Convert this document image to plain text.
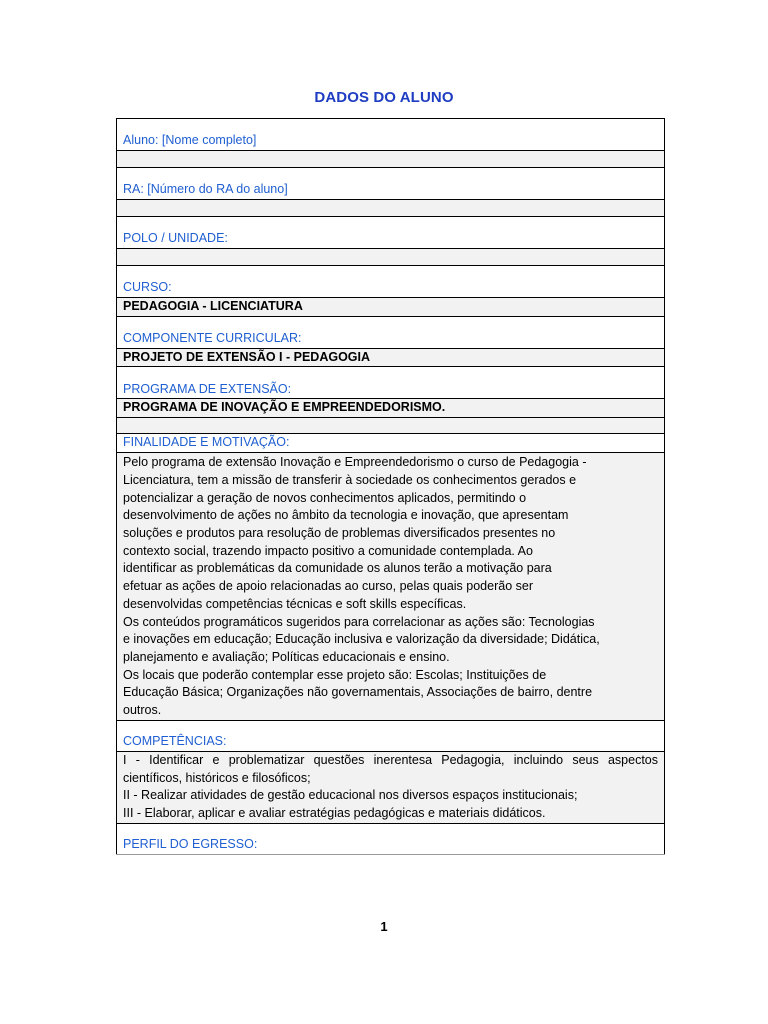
DADOS DO ALUNO
Aluno: [Nome completo]

RA: [Número do RA do aluno]

POLO / UNIDADE:

CURSO:
PEDAGOGIA - LICENCIATURA
COMPONENTE CURRICULAR:
PROJETO DE EXTENSÃO I - PEDAGOGIA
PROGRAMA DE EXTENSÃO:
PROGRAMA DE INOVAÇÃO E EMPREENDEDORISMO.

FINALIDADE E MOTIVAÇÃO:

Pelo programa de extensão Inovação e Empreendedorismo o curso de Pedagogia -
Licenciatura, tem a missão de transferir à sociedade os conhecimentos gerados e
potencializar a geração de novos conhecimentos aplicados, permitindo o
desenvolvimento de ações no âmbito da tecnologia e inovação, que apresentam
soluções e produtos para resolução de problemas diversificados presentes no
contexto social, trazendo impacto positivo a comunidade contemplada. Ao
identificar as problemáticas da comunidade os alunos terão a motivação para
efetuar as ações de apoio relacionadas ao curso, pelas quais poderão ser
desenvolvidas competências técnicas e soft skills específicas.
Os conteúdos programáticos sugeridos para correlacionar as ações são: Tecnologias
e inovações em educação; Educação inclusiva e valorização da diversidade; Didática,
planejamento e avaliação; Políticas educacionais e ensino.
Os locais que poderão contemplar esse projeto são: Escolas; Instituições de
Educação Básica; Organizações não governamentais, Associações de bairro, dentre
outros.

COMPETÊNCIAS:

I - Identificar e problematizar questões inerentesa Pedagogia, incluindo seus aspectos científicos, históricos e filosóficos;
II - Realizar atividades de gestão educacional nos diversos espaços institucionais;
III - Elaborar, aplicar e avaliar estratégias pedagógicas e materiais didáticos.

PERFIL DO EGRESSO:
1
